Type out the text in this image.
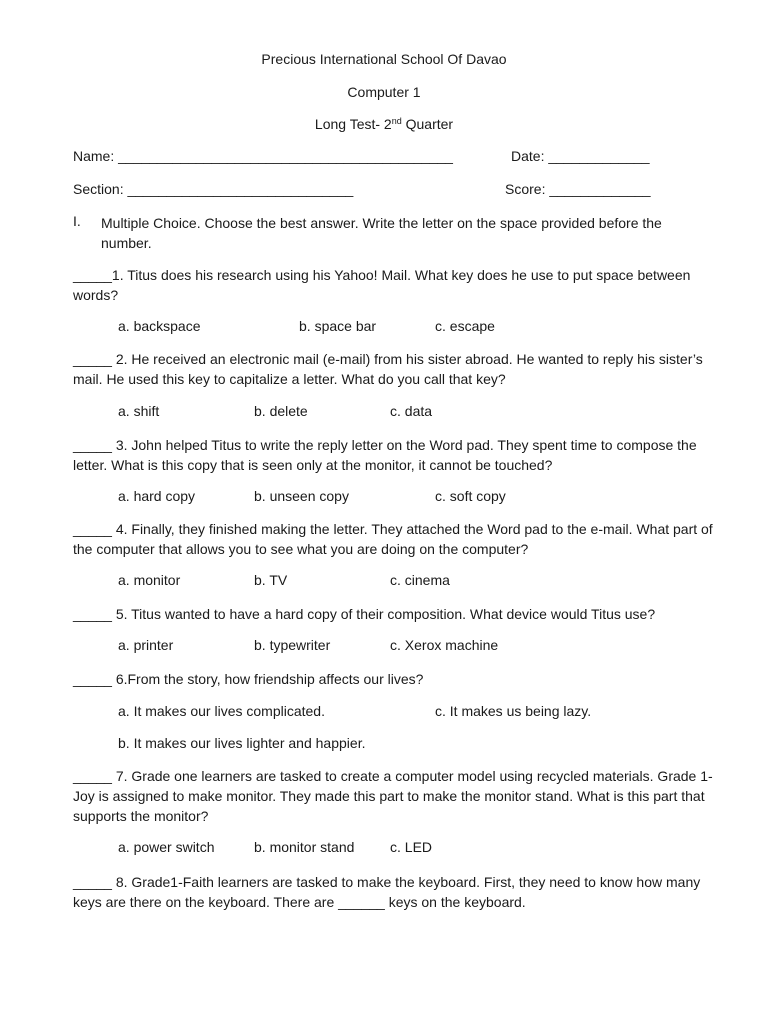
Precious International School Of Davao
Computer 1
Long Test- 2nd Quarter
Name: ___________________________________________	Date: _____________
Section: _____________________________	Score: _____________
I. Multiple Choice. Choose the best answer. Write the letter on the space provided before the number.
_____1. Titus does his research using his Yahoo! Mail. What key does he use to put space between words?
a. backspace	b. space bar	c. escape
_____ 2. He received an electronic mail (e-mail) from his sister abroad. He wanted to reply his sister’s mail. He used this key to capitalize a letter. What do you call that key?
a. shift	b. delete	c. data
_____ 3. John helped Titus to write the reply letter on the Word pad. They spent time to compose the letter. What is this copy that is seen only at the monitor, it cannot be touched?
a. hard copy	b. unseen copy	c. soft copy
_____ 4. Finally, they finished making the letter. They attached the Word pad to the e-mail. What part of the computer that allows you to see what you are doing on the computer?
a. monitor	b. TV	c. cinema
_____ 5. Titus wanted to have a hard copy of their composition. What device would Titus use?
a. printer	b. typewriter	c. Xerox machine
_____ 6.From the story, how friendship affects our lives?
a. It makes our lives complicated.	c. It makes us being lazy.
b. It makes our lives lighter and happier.
_____ 7. Grade one learners are tasked to create a computer model using recycled materials. Grade 1- Joy is assigned to make monitor. They made this part to make the monitor stand. What is this part that supports the monitor?
a. power switch	b. monitor stand	c. LED
_____ 8. Grade1-Faith learners are tasked to make the keyboard. First, they need to know how many keys are there on the keyboard. There are ______ keys on the keyboard.
